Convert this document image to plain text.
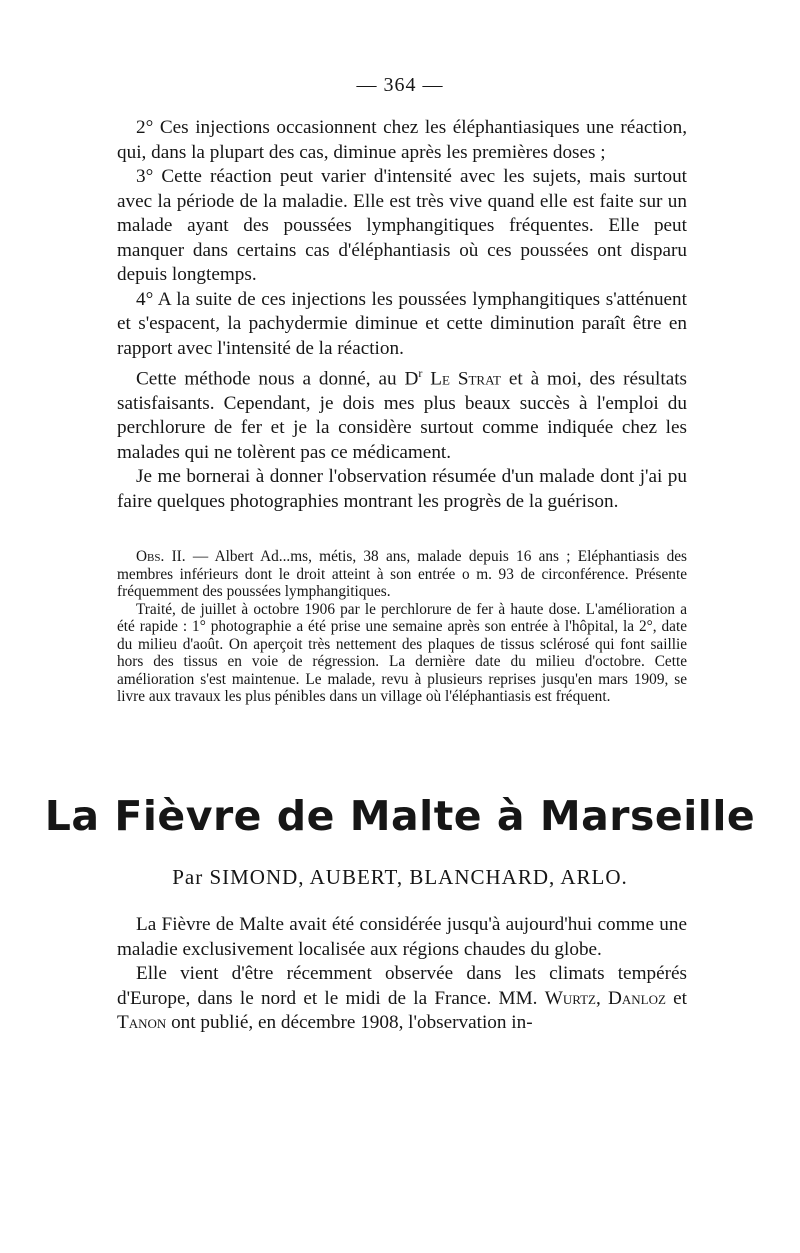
— 364 —

2° Ces injections occasionnent chez les éléphantiasiques une réaction, qui, dans la plupart des cas, diminue après les premières doses ;

3° Cette réaction peut varier d'intensité avec les sujets, mais surtout avec la période de la maladie. Elle est très vive quand elle est faite sur un malade ayant des poussées lymphangitiques fréquentes. Elle peut manquer dans certains cas d'éléphantiasis où ces poussées ont disparu depuis longtemps.

4° A la suite de ces injections les poussées lymphangitiques s'atténuent et s'espacent, la pachydermie diminue et cette diminution paraît être en rapport avec l'intensité de la réaction.

Cette méthode nous a donné, au $D^r$ Le Strat et à moi, des résultats satisfaisants. Cependant, je dois mes plus beaux succès à l'emploi du perchlorure de fer et je la considère surtout comme indiquée chez les malades qui ne tolèrent pas ce médicament.

Je me bornerai à donner l'observation résumée d'un malade dont j'ai pu faire quelques photographies montrant les progrès de la guérison.

Obs. II. — Albert Ad...ms, métis, 38 ans, malade depuis 16 ans ; Eléphantiasis des membres inférieurs dont le droit atteint à son entrée o m. 93 de circonférence. Présente fréquemment des poussées lymphangitiques.

Traité, de juillet à octobre 1906 par le perchlorure de fer à haute dose. L'amélioration a été rapide : 1° photographie a été prise une semaine après son entrée à l'hôpital, la 2°, date du milieu d'août. On aperçoit très nettement des plaques de tissus sclérosé qui font saillie hors des tissus en voie de régression. La dernière date du milieu d'octobre. Cette amélioration s'est maintenue. Le malade, revu à plusieurs reprises jusqu'en mars 1909, se livre aux travaux les plus pénibles dans un village où l'éléphantiasis est fréquent.

La Fièvre de Malte à Marseille
Par SIMOND, AUBERT, BLANCHARD, ARLO.

La Fièvre de Malte avait été considérée jusqu'à aujourd'hui comme une maladie exclusivement localisée aux régions chaudes du globe.

Elle vient d'être récemment observée dans les climats tempérés d'Europe, dans le nord et le midi de la France. MM. Wurtz, Danloz et Tanon ont publié, en décembre 1908, l'observation in-
